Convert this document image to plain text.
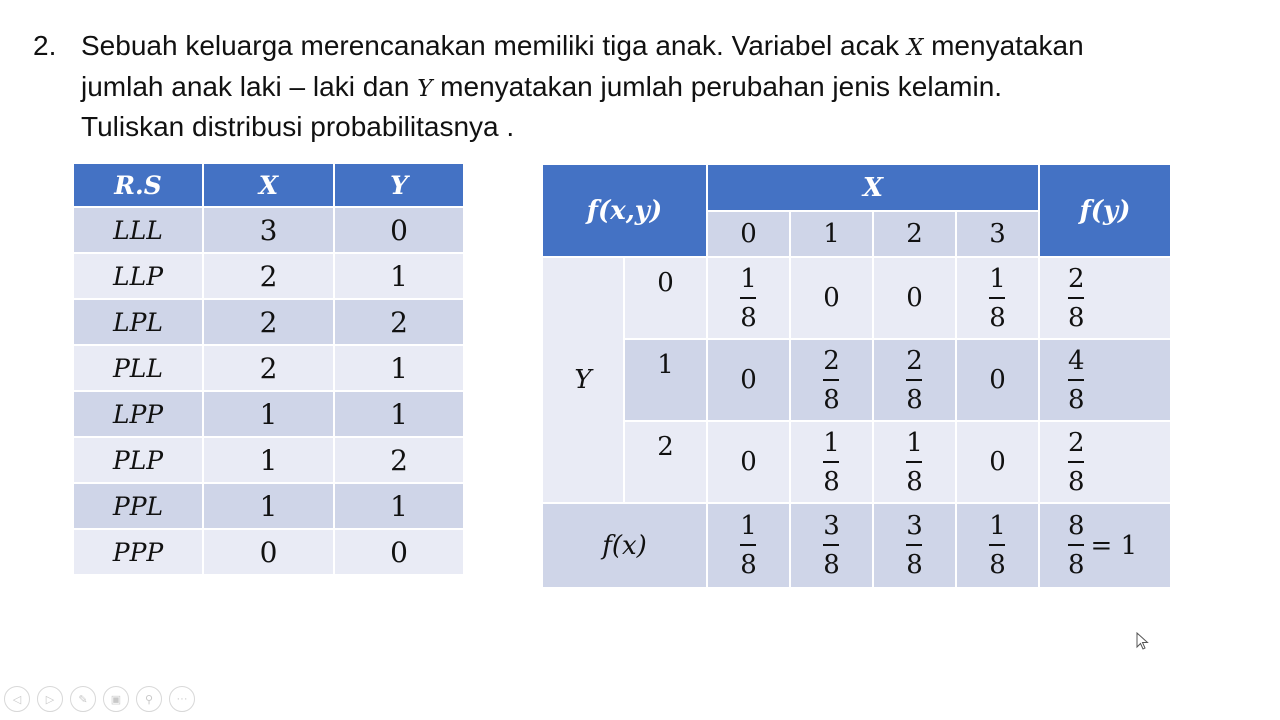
2. Sebuah keluarga merencanakan memiliki tiga anak. Variabel acak X menyatakan
jumlah anak laki – laki dan Y menyatakan jumlah perubahan jenis kelamin.
Tuliskan distribusi probabilitasnya .
R.S	X	Y
LLL	3	0
LLP	2	1
LPL	2	2
PLL	2	1
LPP	1	1
PLP	1	2
PPL	1	1
PPP	0	0
f(x,y)		X				f(y)
		0	1	2	3	
Y	0	$\frac{1}{8}$	0	0	$\frac{1}{8}$	$\frac{2}{8}$

	1	0	$\frac{2}{8}$	$\frac{2}{8}$	0	$\frac{4}{8}$

	2	0	$\frac{1}{8}$	$\frac{1}{8}$	0	$\frac{2}{8}$

f(x)		$\frac{1}{8}$	$\frac{3}{8}$	$\frac{3}{8}$	$\frac{1}{8}$	$\frac{8}{8} = 1$
◁ ▷ ✎ ▣ ⚲ ···
